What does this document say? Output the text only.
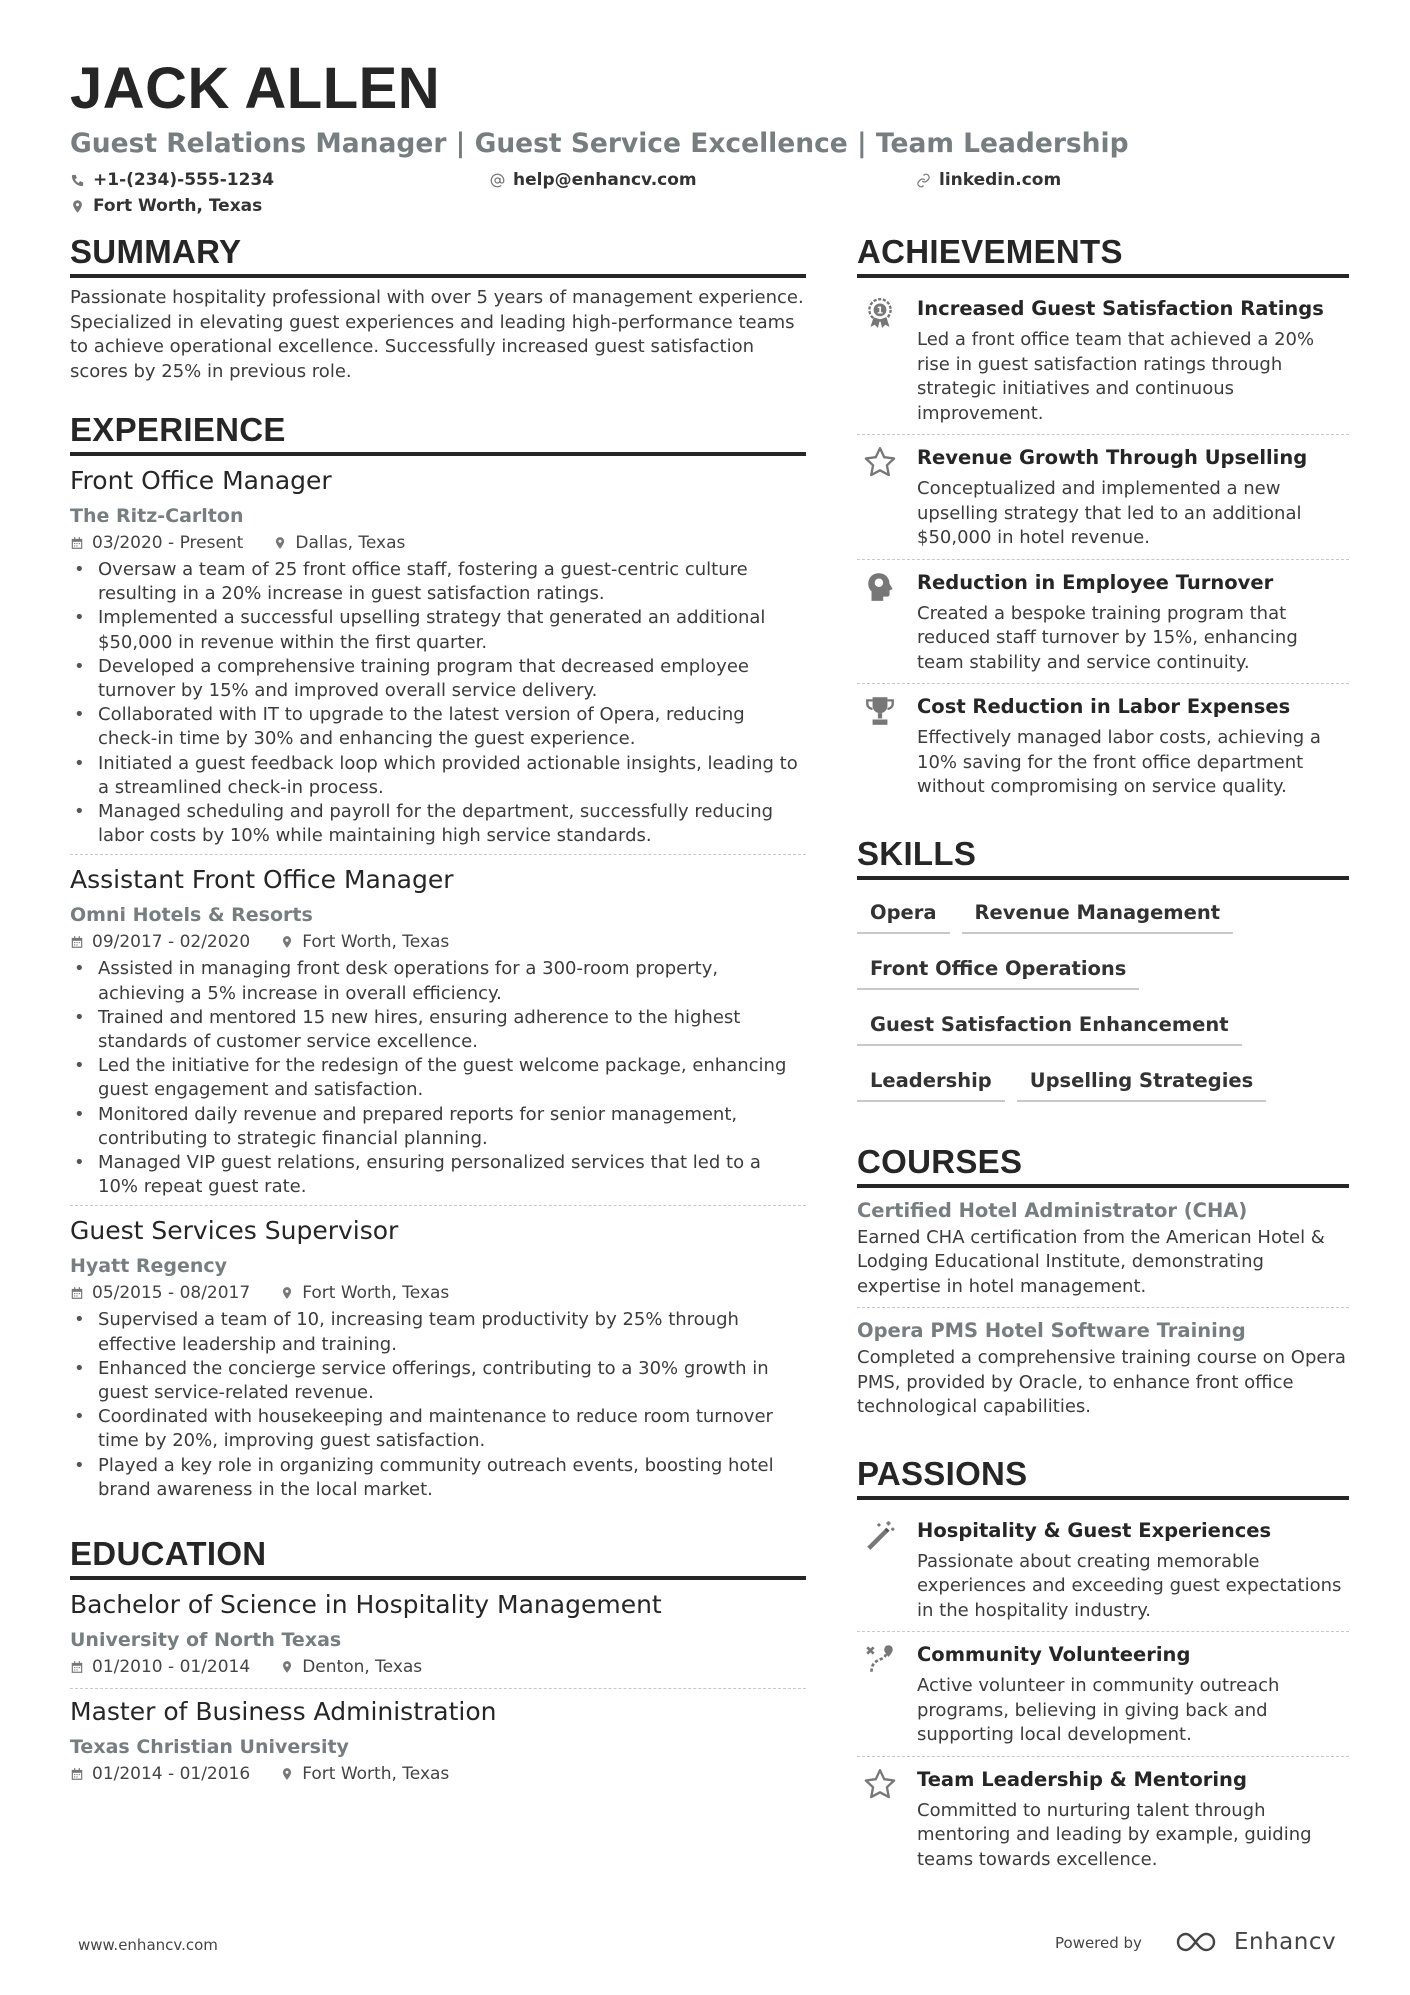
JACK ALLEN
Guest Relations Manager | Guest Service Excellence | Team Leadership
+1-(234)-555-1234	help@enhancv.com	linkedin.com
Fort Worth, Texas
SUMMARY
Passionate hospitality professional with over 5 years of management experience. Specialized in elevating guest experiences and leading high-performance teams to achieve operational excellence. Successfully increased guest satisfaction scores by 25% in previous role.
EXPERIENCE
Front Office Manager
The Ritz-Carlton
03/2020 - Present	Dallas, Texas
• Oversaw a team of 25 front office staff, fostering a guest-centric culture resulting in a 20% increase in guest satisfaction ratings.
• Implemented a successful upselling strategy that generated an additional $50,000 in revenue within the first quarter.
• Developed a comprehensive training program that decreased employee turnover by 15% and improved overall service delivery.
• Collaborated with IT to upgrade to the latest version of Opera, reducing check-in time by 30% and enhancing the guest experience.
• Initiated a guest feedback loop which provided actionable insights, leading to a streamlined check-in process.
• Managed scheduling and payroll for the department, successfully reducing labor costs by 10% while maintaining high service standards.
Assistant Front Office Manager
Omni Hotels & Resorts
09/2017 - 02/2020	Fort Worth, Texas
• Assisted in managing front desk operations for a 300-room property, achieving a 5% increase in overall efficiency.
• Trained and mentored 15 new hires, ensuring adherence to the highest standards of customer service excellence.
• Led the initiative for the redesign of the guest welcome package, enhancing guest engagement and satisfaction.
• Monitored daily revenue and prepared reports for senior management, contributing to strategic financial planning.
• Managed VIP guest relations, ensuring personalized services that led to a 10% repeat guest rate.
Guest Services Supervisor
Hyatt Regency
05/2015 - 08/2017	Fort Worth, Texas
• Supervised a team of 10, increasing team productivity by 25% through effective leadership and training.
• Enhanced the concierge service offerings, contributing to a 30% growth in guest service-related revenue.
• Coordinated with housekeeping and maintenance to reduce room turnover time by 20%, improving guest satisfaction.
• Played a key role in organizing community outreach events, boosting hotel brand awareness in the local market.
EDUCATION
Bachelor of Science in Hospitality Management
University of North Texas
01/2010 - 01/2014	Denton, Texas
Master of Business Administration
Texas Christian University
01/2014 - 01/2016	Fort Worth, Texas
ACHIEVEMENTS
1 Increased Guest Satisfaction Ratings
Led a front office team that achieved a 20% rise in guest satisfaction ratings through strategic initiatives and continuous improvement.
Revenue Growth Through Upselling
Conceptualized and implemented a new upselling strategy that led to an additional $50,000 in hotel revenue.
Reduction in Employee Turnover
Created a bespoke training program that reduced staff turnover by 15%, enhancing team stability and service continuity.
Cost Reduction in Labor Expenses
Effectively managed labor costs, achieving a 10% saving for the front office department without compromising on service quality.
SKILLS
Opera	Revenue Management
Front Office Operations
Guest Satisfaction Enhancement
Leadership	Upselling Strategies
COURSES
Certified Hotel Administrator (CHA)
Earned CHA certification from the American Hotel & Lodging Educational Institute, demonstrating expertise in hotel management.
Opera PMS Hotel Software Training
Completed a comprehensive training course on Opera PMS, provided by Oracle, to enhance front office technological capabilities.
PASSIONS
Hospitality & Guest Experiences
Passionate about creating memorable experiences and exceeding guest expectations in the hospitality industry.
Community Volunteering
Active volunteer in community outreach programs, believing in giving back and supporting local development.
Team Leadership & Mentoring
Committed to nurturing talent through mentoring and leading by example, guiding teams towards excellence.
www.enhancv.com	Powered by	Enhancv
